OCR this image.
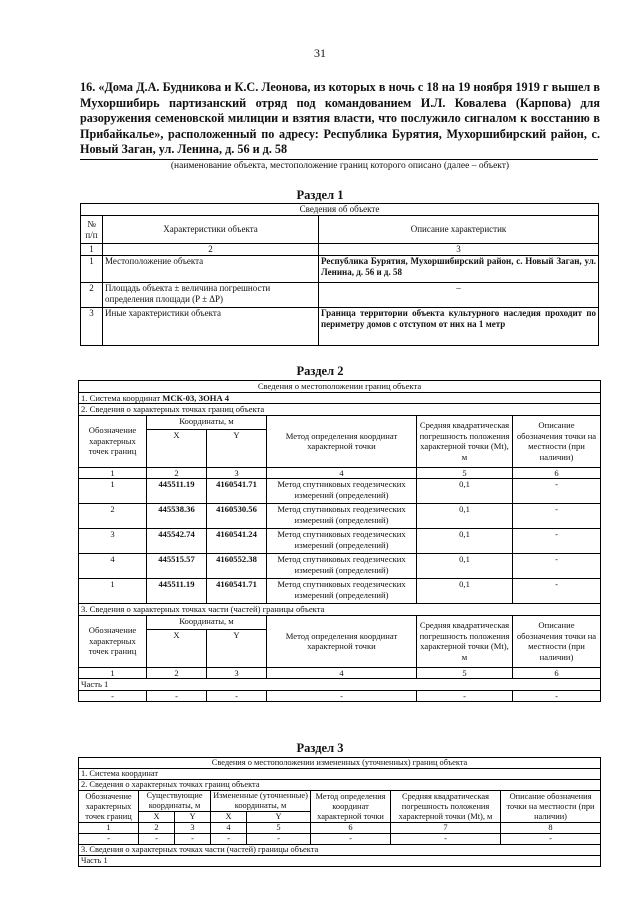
31
16. «Дома Д.А. Будникова и К.С. Леонова, из которых в ночь с 18 на 19 ноября 1919 г вышел в Мухоршибирь партизанский отряд под командованием И.Л. Ковалева (Карпова) для разоружения семеновской милиции и взятия власти, что послужило сигналом к восстанию в Прибайкалье», расположенный по адресу: Республика Бурятия, Мухоршибирский район, с. Новый Заган, ул. Ленина, д. 56 и д. 58
(наименование объекта, местоположение границ которого описано (далее – объект)
Раздел 1
Сведения об объекте		
№ п/п	Характеристики объекта	Описание характеристик
1	2	3
1	Местоположение объекта	Республика Бурятия, Мухоршибирский район, с. Новый Заган, ул. Ленина, д. 56 и д. 58
2	Площадь объекта ± величина погрешности определения площади (P ± ΔP)	–
3	Иные характеристики объекта	Граница территории объекта культурного наследия проходит по периметру домов с отступом от них на 1 метр
Раздел 2
Сведения о местоположении границ объекта					
1. Система координат МСК-03, ЗОНА 4					
2. Сведения о характерных точках границ объекта					
Обозначение характерных точек границ	Координаты, м		Метод определения координат характерной точки	Средняя квадратическая погрешность положения характерной точки (Mt), м	Описание обозначения точки на местности (при наличии)
	X	Y			
1	2	3	4	5	6
1	445511.19	4160541.71	Метод спутниковых геодезических измерений (определений)	0,1	-
2	445538.36	4160530.56	Метод спутниковых геодезических измерений (определений)	0,1	-
3	445542.74	4160541.24	Метод спутниковых геодезических измерений (определений)	0,1	-
4	445515.57	4160552.38	Метод спутниковых геодезических измерений (определений)	0,1	-
1	445511.19	4160541.71	Метод спутниковых геодезических измерений (определений)	0,1	-
3. Сведения о характерных точках части (частей) границы объекта					
Обозначение характерных точек границ	Координаты, м		Метод определения координат характерной точки	Средняя квадратическая погрешность положения характерной точки (Mt), м	Описание обозначения точки на местности (при наличии)
	X	Y			
1	2	3	4	5	6
Часть 1					
-	-	-	-	-	-
Раздел 3
Сведения о местоположении измененных (уточненных) границ объекта							
1. Система координат							
2. Сведения о характерных точках границ объекта							
Обозначение характерных точек границ	Существующие координаты, м		Измененные (уточненные) координаты, м		Метод определения координат характерной точки	Средняя квадратическая погрешность положения характерной точки (Mt), м	Описание обозначения точки на местности (при наличии)
	X	Y	X	Y			
1	2	3	4	5	6	7	8
-	-	-	-	-	-	-	-
3. Сведения о характерных точках части (частей) границы объекта							
Часть 1							
